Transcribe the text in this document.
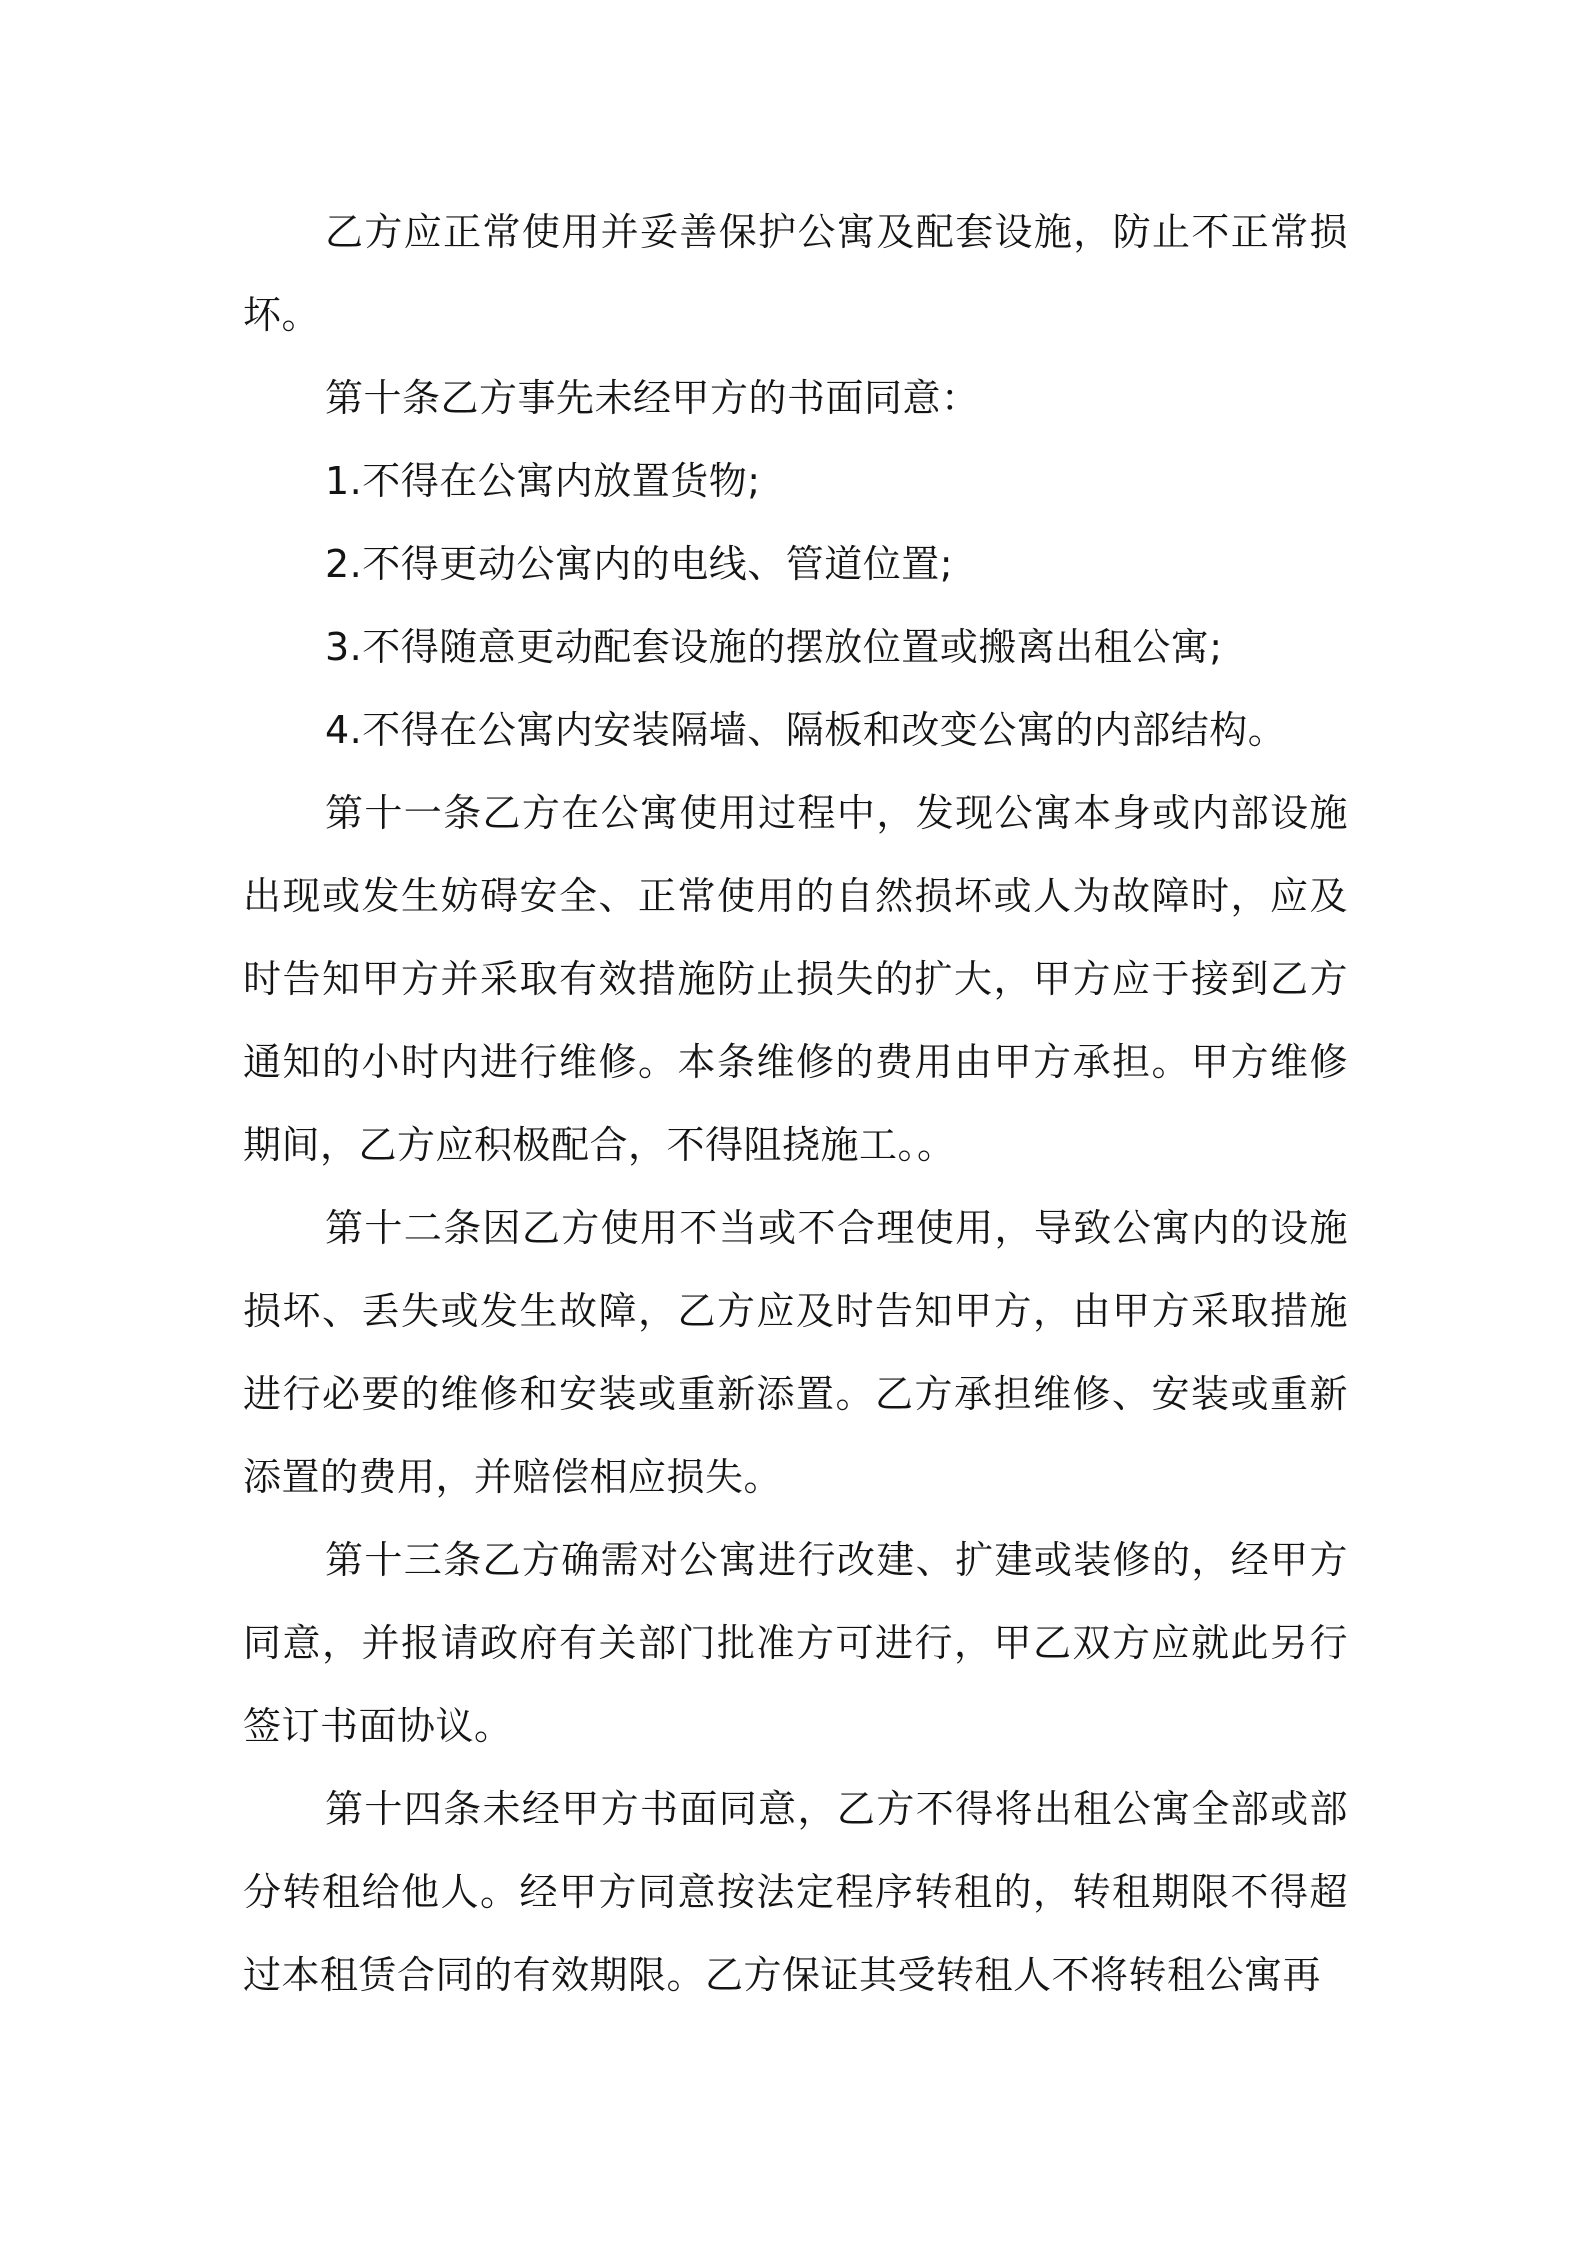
乙方应正常使用并妥善保护公寓及配套设施，防止不正常损坏。

第十条乙方事先未经甲方的书面同意：

1.不得在公寓内放置货物;

2.不得更动公寓内的电线、管道位置;

3.不得随意更动配套设施的摆放位置或搬离出租公寓;

4.不得在公寓内安装隔墙、隔板和改变公寓的内部结构。

第十一条乙方在公寓使用过程中，发现公寓本身或内部设施出现或发生妨碍安全、正常使用的自然损坏或人为故障时，应及时告知甲方并采取有效措施防止损失的扩大，甲方应于接到乙方通知的小时内进行维修。本条维修的费用由甲方承担。甲方维修期间，乙方应积极配合，不得阻挠施工。。

第十二条因乙方使用不当或不合理使用，导致公寓内的设施损坏、丢失或发生故障，乙方应及时告知甲方，由甲方采取措施进行必要的维修和安装或重新添置。乙方承担维修、安装或重新添置的费用，并赔偿相应损失。

第十三条乙方确需对公寓进行改建、扩建或装修的，经甲方同意，并报请政府有关部门批准方可进行，甲乙双方应就此另行签订书面协议。

第十四条未经甲方书面同意，乙方不得将出租公寓全部或部分转租给他人。经甲方同意按法定程序转租的，转租期限不得超过本租赁合同的有效期限。乙方保证其受转租人不将转租公寓再
